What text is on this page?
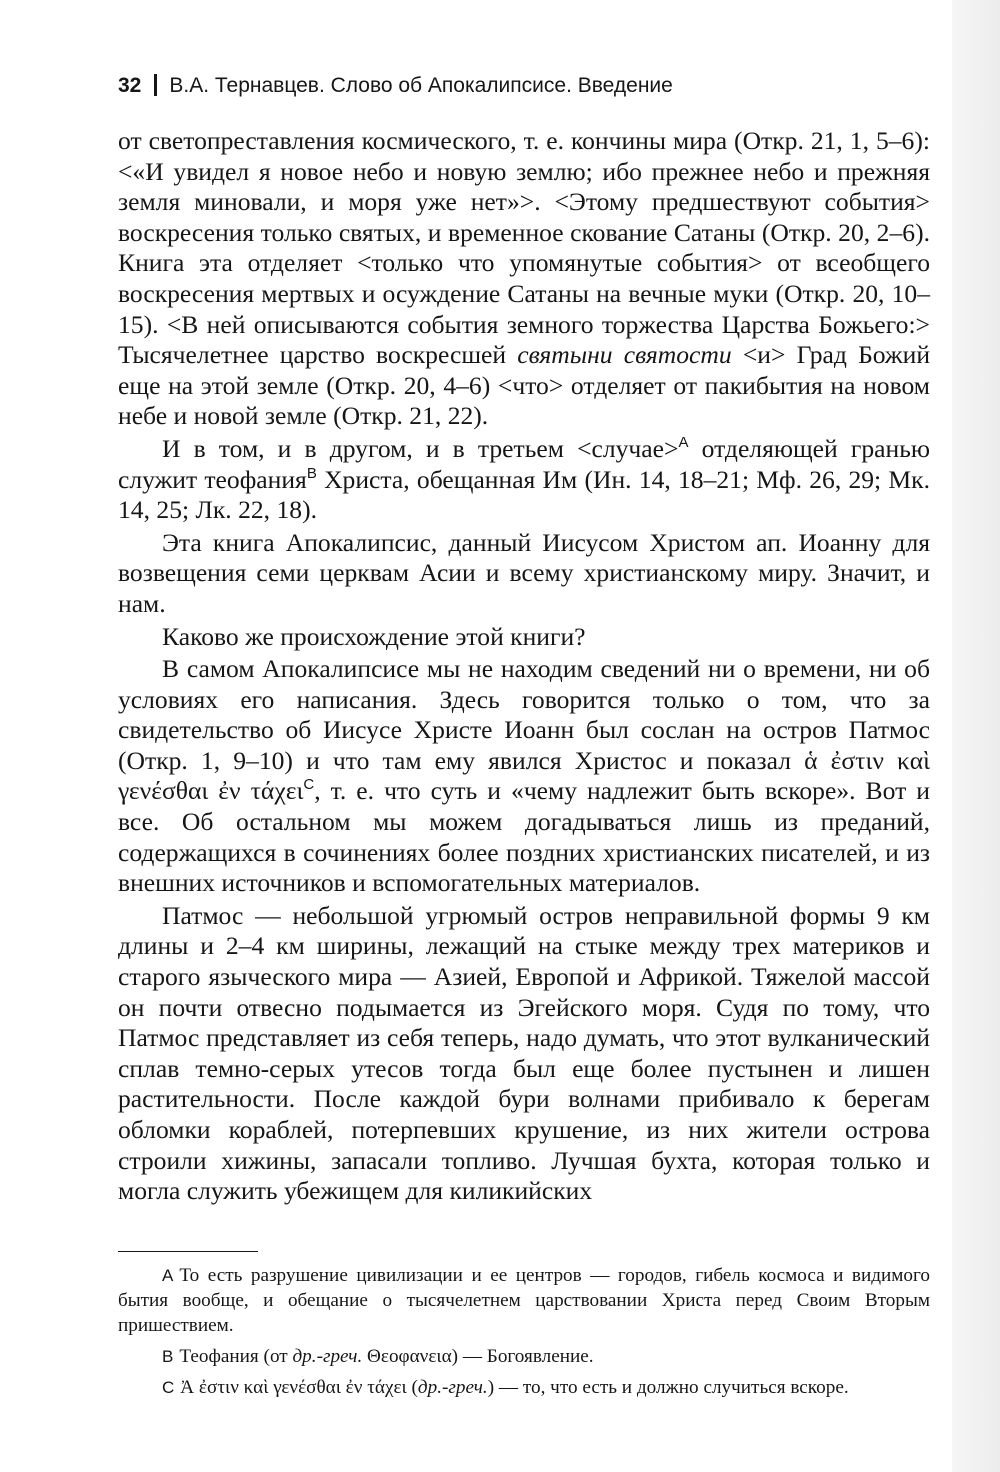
32 В.А. Тернавцев. Слово об Апокалипсисе. Введение

от светопреставления космического, т. е. кончины мира (Откр. 21, 1, 5–6): <«И увидел я новое небо и новую землю; ибо прежнее небо и прежняя земля миновали, и моря уже нет»>. <Этому предшествуют события> воскресения только святых, и временное скование Сатаны (Откр. 20, 2–6). Книга эта отделяет <только что упомянутые события> от всеобщего воскресения мертвых и осуждение Сатаны на вечные муки (Откр. 20, 10–15). <В ней описываются события земного торжества Царства Божьего:> Тысячелетнее царство воскресшей святыни святости <и> Град Божий еще на этой земле (Откр. 20, 4–6) <что> отделяет от пакибытия на новом небе и новой земле (Откр. 21, 22).

И в том, и в другом, и в третьем <случае>$^A$ отделяющей гранью служит теофания$^B$ Христа, обещанная Им (Ин. 14, 18–21; Мф. 26, 29; Мк. 14, 25; Лк. 22, 18).

Эта книга Апокалипсис, данный Иисусом Христом ап. Иоанну для возвещения семи церквам Асии и всему христианскому миру. Значит, и нам.

Каково же происхождение этой книги?

В самом Апокалипсисе мы не находим сведений ни о времени, ни об условиях его написания. Здесь говорится только о том, что за свидетельство об Иисусе Христе Иоанн был сослан на остров Патмос (Откр. 1, 9–10) и что там ему явился Христос и показал ἁ ἐστιν καὶ γενέσθαι ἐν τάχει$^C$, т. е. что суть и «чему надлежит быть вскоре». Вот и все. Об остальном мы можем догадываться лишь из преданий, содержащихся в сочинениях более поздних христианских писателей, и из внешних источников и вспомогательных материалов.

Патмос — небольшой угрюмый остров неправильной формы 9 км длины и 2–4 км ширины, лежащий на стыке между трех материков и старого языческого мира — Азией, Европой и Африкой. Тяжелой массой он почти отвесно подымается из Эгейского моря. Судя по тому, что Патмос представляет из себя теперь, надо думать, что этот вулканический сплав темно-серых утесов тогда был еще более пустынен и лишен растительности. После каждой бури волнами прибивало к берегам обломки кораблей, потерпевших крушение, из них жители острова строили хижины, запасали топливо. Лучшая бухта, которая только и могла служить убежищем для киликийских

A То есть разрушение цивилизации и ее центров — городов, гибель космоса и видимого бытия вообще, и обещание о тысячелетнем царствовании Христа перед Своим Вторым пришествием.

B Теофания (от др.-греч. Θεοφανεια) — Богоявление.

C Ἀ ἐστιν καὶ γενέσθαι ἐν τάχει (др.-греч.) — то, что есть и должно случиться вскоре.
